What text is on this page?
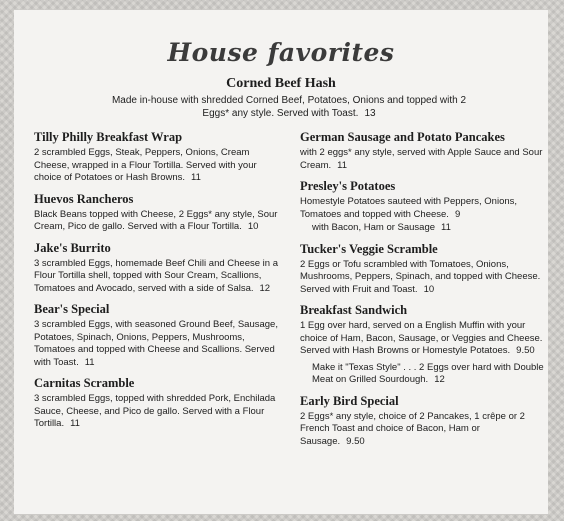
House favorites
Corned Beef Hash
Made in-house with shredded Corned Beef, Potatoes, Onions and topped with 2 Eggs* any style. Served with Toast. 13
Tilly Philly Breakfast Wrap
2 scrambled Eggs, Steak, Peppers, Onions, Cream Cheese, wrapped in a Flour Tortilla. Served with your choice of Potatoes or Hash Browns. 11
Huevos Rancheros
Black Beans topped with Cheese, 2 Eggs* any style, Sour Cream, Pico de gallo. Served with a Flour Tortilla. 10
Jake's Burrito
3 scrambled Eggs, homemade Beef Chili and Cheese in a Flour Tortilla shell, topped with Sour Cream, Scallions, Tomatoes and Avocado, served with a side of Salsa. 12
Bear's Special
3 scrambled Eggs, with seasoned Ground Beef, Sausage, Potatoes, Spinach, Onions, Peppers, Mushrooms, Tomatoes and topped with Cheese and Scallions. Served with Toast. 11
Carnitas Scramble
3 scrambled Eggs, topped with shredded Pork, Enchilada Sauce, Cheese, and Pico de gallo. Served with a Flour Tortilla. 11
German Sausage and Potato Pancakes
with 2 eggs* any style, served with Apple Sauce and Sour Cream. 11
Presley's Potatoes
Homestyle Potatoes sauteed with Peppers, Onions, Tomatoes and topped with Cheese. 9
with Bacon, Ham or Sausage 11
Tucker's Veggie Scramble
2 Eggs or Tofu scrambled with Tomatoes, Onions, Mushrooms, Peppers, Spinach, and topped with Cheese. Served with Fruit and Toast. 10
Breakfast Sandwich
1 Egg over hard, served on a English Muffin with your choice of Ham, Bacon, Sausage, or Veggies and Cheese. Served with Hash Browns or Homestyle Potatoes. 9.50
Make it "Texas Style" . . . 2 Eggs over hard with Double Meat on Grilled Sourdough. 12
Early Bird Special
2 Eggs* any style, choice of 2 Pancakes, 1 crêpe or 2 French Toast and choice of Bacon, Ham or Sausage. 9.50
